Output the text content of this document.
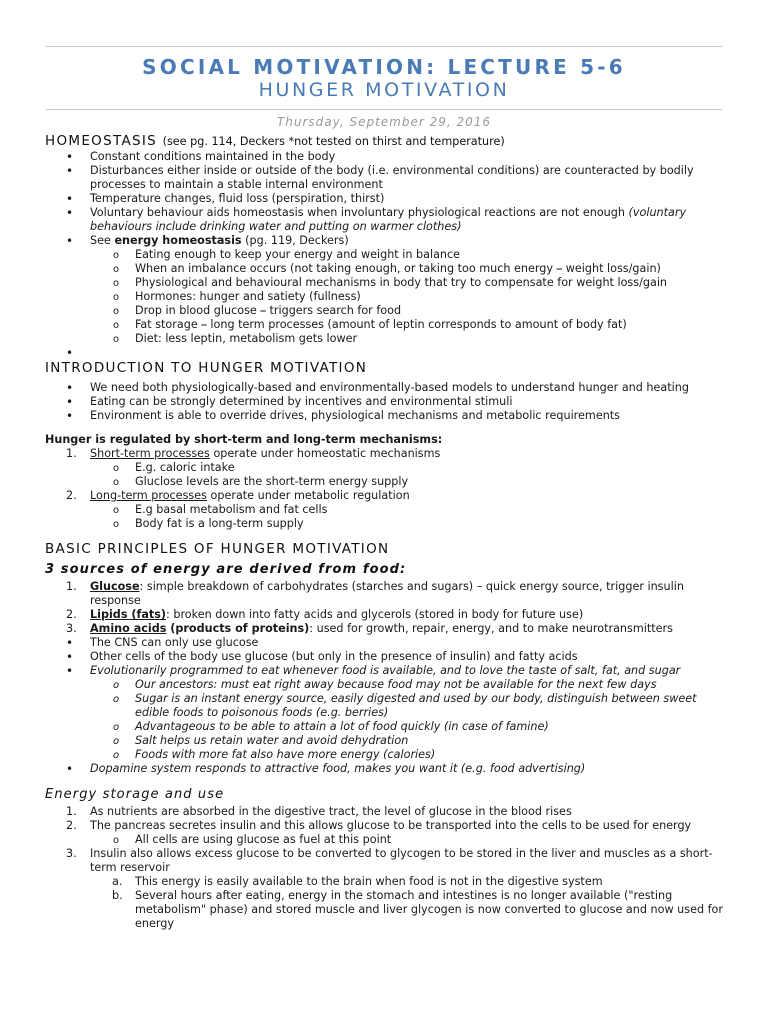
SOCIAL MOTIVATION: LECTURE 5-6
HUNGER MOTIVATION
Thursday, September 29, 2016
HOMEOSTASIS (see pg. 114, Deckers *not tested on thirst and temperature)
•
Constant conditions maintained in the body
•
Disturbances either inside or outside of the body (i.e. environmental conditions) are counteracted by bodily processes to maintain a stable internal environment
•
Temperature changes, fluid loss (perspiration, thirst)
•
Voluntary behaviour aids homeostasis when involuntary physiological reactions are not enough (voluntary behaviours include drinking water and putting on warmer clothes)
•
See energy homeostasis (pg. 119, Deckers)
o
Eating enough to keep your energy and weight in balance
o
When an imbalance occurs (not taking enough, or taking too much energy ⎯ weight loss/gain)
o
Physiological and behavioural mechanisms in body that try to compensate for weight loss/gain
o
Hormones: hunger and satiety (fullness)
o
Drop in blood glucose ⎯ triggers search for food
o
Fat storage ⎯ long term processes (amount of leptin corresponds to amount of body fat)
o
Diet: less leptin, metabolism gets lower
•

INTRODUCTION TO HUNGER MOTIVATION
•
We need both physiologically-based and environmentally-based models to understand hunger and heating
•
Eating can be strongly determined by incentives and environmental stimuli
•
Environment is able to override drives, physiological mechanisms and metabolic requirements

Hunger is regulated by short-term and long-term mechanisms:

1.	Short-term processes operate under homeostatic mechanisms
o
E.g. caloric intake
o
Gluclose levels are the short-term energy supply
2.	Long-term processes operate under metabolic regulation
o
E.g basal metabolism and fat cells
o
Body fat is a long-term supply
BASIC PRINCIPLES OF HUNGER MOTIVATION
3 sources of energy are derived from food:
1.	Glucose: simple breakdown of carbohydrates (starches and sugars) – quick energy source, trigger insulin response
2.	Lipids (fats): broken down into fatty acids and glycerols (stored in body for future use)
3.	Amino acids (products of proteins): used for growth, repair, energy, and to make neurotransmitters
•
The CNS can only use glucose
•
Other cells of the body use glucose (but only in the presence of insulin) and fatty acids
•
Evolutionarily programmed to eat whenever food is available, and to love the taste of salt, fat, and sugar
o
Our ancestors: must eat right away because food may not be available for the next few days
o
Sugar is an instant energy source, easily digested and used by our body, distinguish between sweet edible foods to poisonous foods (e.g. berries)
o
Advantageous to be able to attain a lot of food quickly (in case of famine)
o
Salt helps us retain water and avoid dehydration
o
Foods with more fat also have more energy (calories)
•
Dopamine system responds to attractive food, makes you want it (e.g. food advertising)
Energy storage and use
1.	As nutrients are absorbed in the digestive tract, the level of glucose in the blood rises
2.	The pancreas secretes insulin and this allows glucose to be transported into the cells to be used for energy
o
All cells are using glucose as fuel at this point
3.	Insulin also allows excess glucose to be converted to glycogen to be stored in the liver and muscles as a short-term reservoir
a.	This energy is easily available to the brain when food is not in the digestive system
b.	Several hours after eating, energy in the stomach and intestines is no longer available ("resting metabolism" phase) and stored muscle and liver glycogen is now converted to glucose and now used for energy
